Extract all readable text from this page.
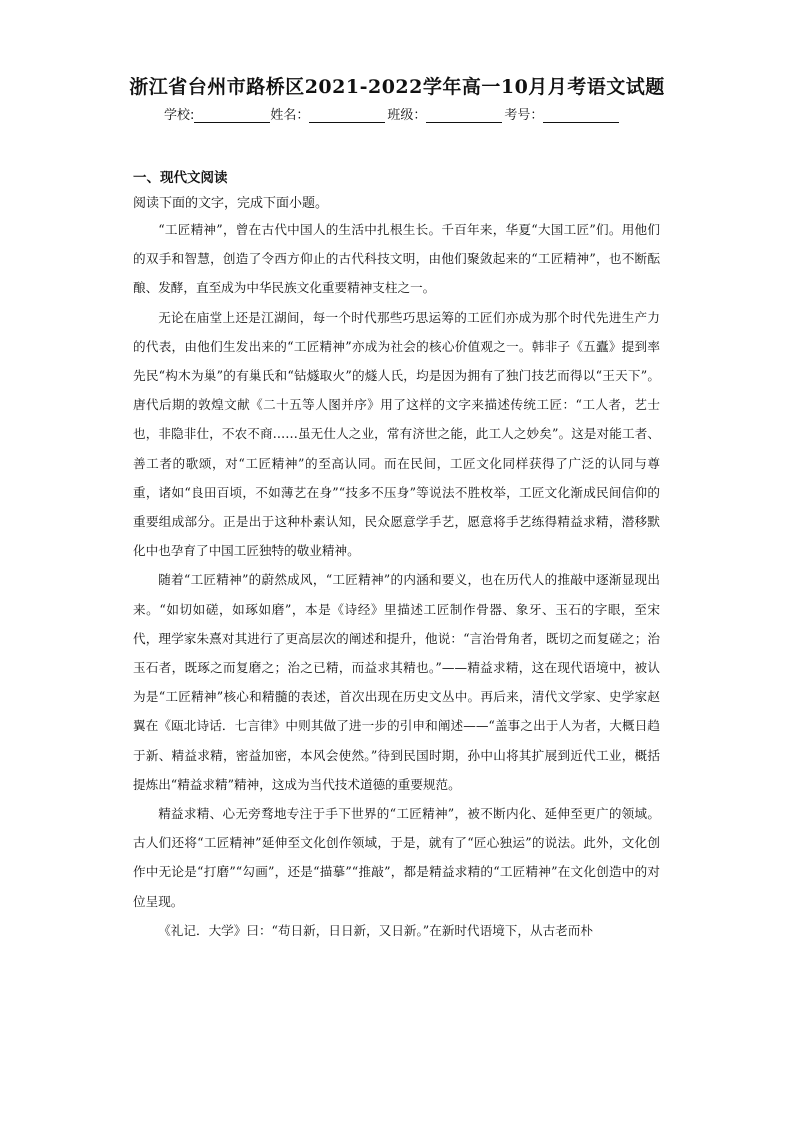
浙江省台州市路桥区2021-2022学年高一10月月考语文试题
学校:	姓名：	班级：	考号：
一、现代文阅读
阅读下面的文字，完成下面小题。

“工匠精神”，曾在古代中国人的生活中扎根生长。千百年来，华夏“大国工匠”们。用他们的双手和智慧，创造了令西方仰止的古代科技文明，由他们聚敛起来的“工匠精神”，也不断酝酿、发酵，直至成为中华民族文化重要精神支柱之一。

无论在庙堂上还是江湖间，每一个时代那些巧思运筹的工匠们亦成为那个时代先进生产力的代表，由他们生发出来的“工匠精神”亦成为社会的核心价值观之一。韩非子《五蠹》提到率先民“构木为巢”的有巢氏和“钻燧取火”的燧人氏，均是因为拥有了独门技艺而得以“王天下”。唐代后期的敦煌文献《二十五等人图并序》用了这样的文字来描述传统工匠：“工人者，艺士也，非隐非仕，不农不商……虽无仕人之业，常有济世之能，此工人之妙矣”。这是对能工者、善工者的歌颂，对“工匠精神”的至高认同。而在民间，工匠文化同样获得了广泛的认同与尊重，诸如“良田百顷，不如薄艺在身”“技多不压身”等说法不胜枚举，工匠文化渐成民间信仰的重要组成部分。正是出于这种朴素认知，民众愿意学手艺，愿意将手艺练得精益求精，潜移默化中也孕育了中国工匠独特的敬业精神。

随着“工匠精神”的蔚然成风，“工匠精神”的内涵和要义，也在历代人的推敲中逐渐显现出来。“如切如磋，如琢如磨”，本是《诗经》里描述工匠制作骨器、象牙、玉石的字眼，至宋代，理学家朱熹对其进行了更高层次的阐述和提升，他说：“言治骨角者，既切之而复磋之；治玉石者，既琢之而复磨之；治之已精，而益求其精也。”——精益求精，这在现代语境中，被认为是“工匠精神”核心和精髓的表述，首次出现在历史文丛中。再后来，清代文学家、史学家赵翼在《瓯北诗话．七言律》中则其做了进一步的引申和阐述——“盖事之出于人为者，大概日趋于新、精益求精，密益加密，本风会使然。”待到民国时期，孙中山将其扩展到近代工业，概括提炼出“精益求精”精神，这成为当代技术道德的重要规范。

精益求精、心无旁骛地专注于手下世界的“工匠精神”，被不断内化、延伸至更广的领域。古人们还将“工匠精神”延伸至文化创作领域，于是，就有了“匠心独运”的说法。此外，文化创作中无论是“打磨”“勾画”，还是“描摹”“推敲”，都是精益求精的“工匠精神”在文化创造中的对位呈现。

《礼记．大学》曰：“苟日新，日日新，又日新。”在新时代语境下，从古老而朴
